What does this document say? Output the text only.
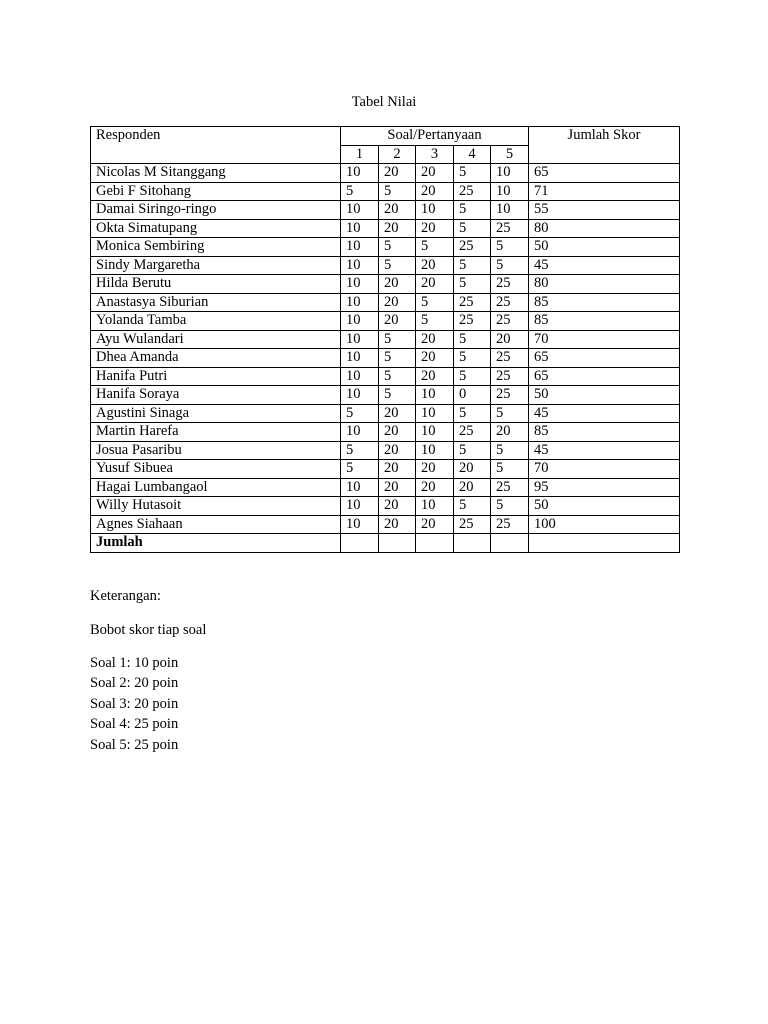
Tabel Nilai
Responden	Soal/Pertanyaan					Jumlah Skor
	1	2	3	4	5	
Nicolas M Sitanggang	10	20	20	5	10	65
Gebi F Sitohang	5	5	20	25	10	71
Damai Siringo-ringo	10	20	10	5	10	55
Okta Simatupang	10	20	20	5	25	80
Monica Sembiring	10	5	5	25	5	50
Sindy Margaretha	10	5	20	5	5	45
Hilda Berutu	10	20	20	5	25	80
Anastasya Siburian	10	20	5	25	25	85
Yolanda Tamba	10	20	5	25	25	85
Ayu Wulandari	10	5	20	5	20	70
Dhea Amanda	10	5	20	5	25	65
Hanifa Putri	10	5	20	5	25	65
Hanifa Soraya	10	5	10	0	25	50
Agustini Sinaga	5	20	10	5	5	45
Martin Harefa	10	20	10	25	20	85
Josua Pasaribu	5	20	10	5	5	45
Yusuf Sibuea	5	20	20	20	5	70
Hagai Lumbangaol	10	20	20	20	25	95
Willy Hutasoit	10	20	10	5	5	50
Agnes Siahaan	10	20	20	25	25	100
Jumlah						
Keterangan:
Bobot skor tiap soal
Soal 1: 10 poin
Soal 2: 20 poin
Soal 3: 20 poin
Soal 4: 25 poin
Soal 5: 25 poin
